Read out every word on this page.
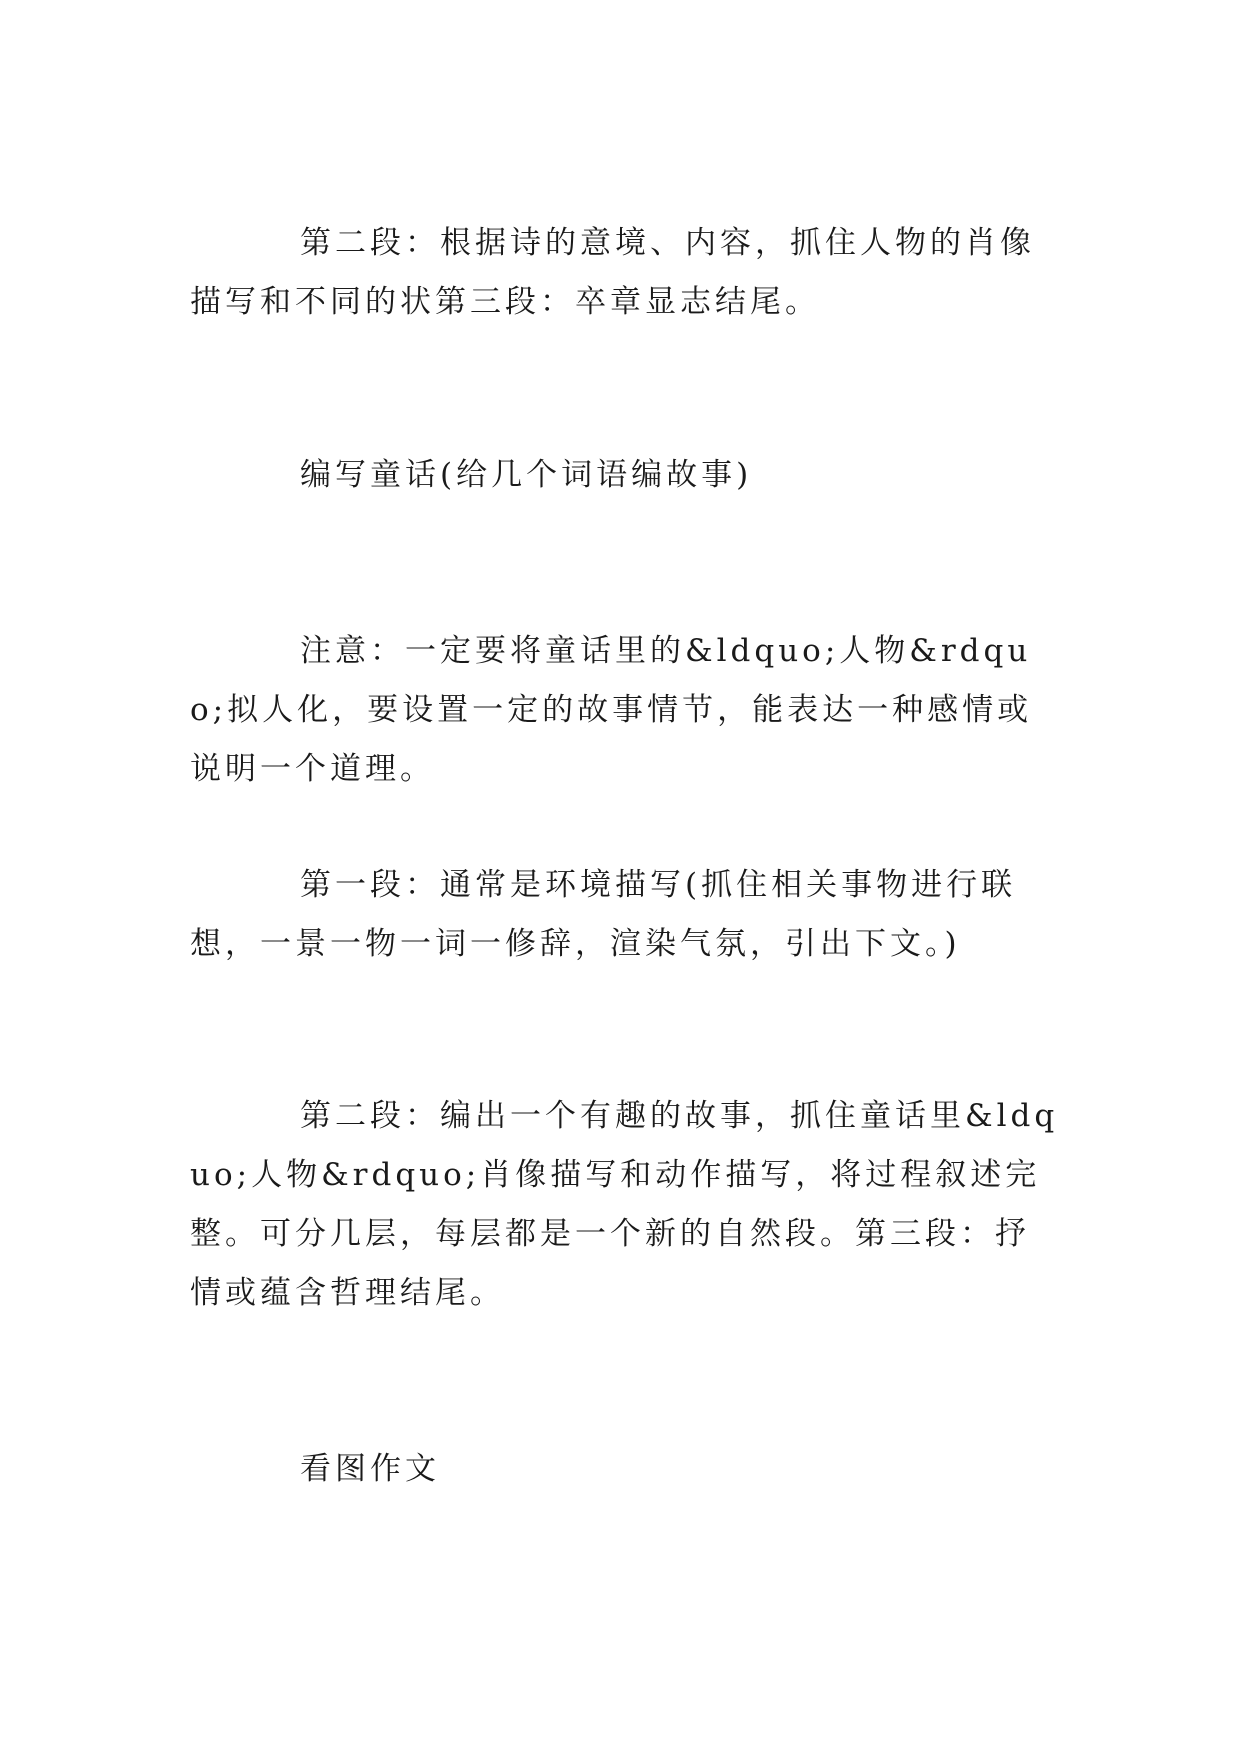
第二段：根据诗的意境、内容，抓住人物的肖像描写和不同的状第三段：卒章显志结尾。

编写童话(给几个词语编故事)

注意：一定要将童话里的&ldquo;人物&rdquo;拟人化，要设置一定的故事情节，能表达一种感情或说明一个道理。

第一段：通常是环境描写(抓住相关事物进行联想，一景一物一词一修辞，渲染气氛，引出下文。)

第二段：编出一个有趣的故事，抓住童话里&ldquo;人物&rdquo;肖像描写和动作描写，将过程叙述完整。可分几层，每层都是一个新的自然段。第三段：抒情或蕴含哲理结尾。

看图作文
